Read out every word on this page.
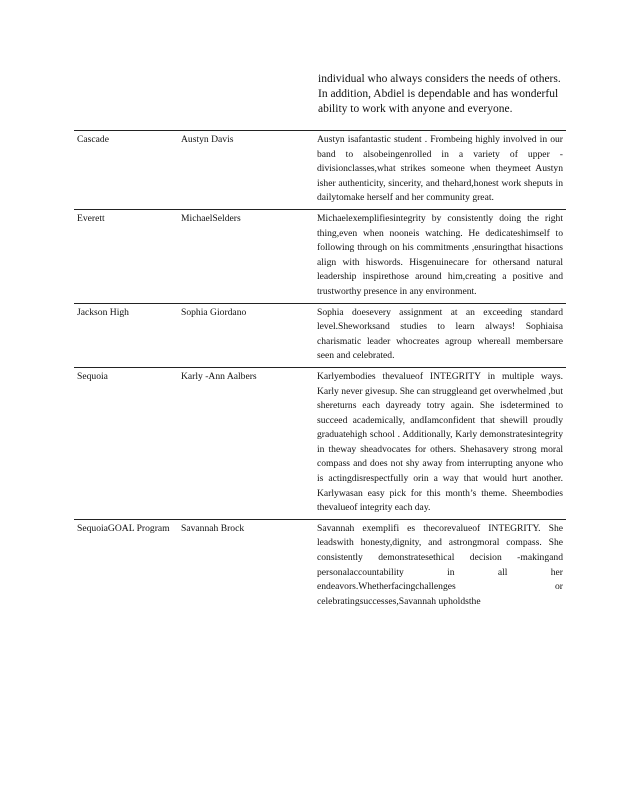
individual who always considers the needs of others. In addition, Abdiel is dependable and has wonderful ability to work with anyone and everyone.
Cascade	Austyn Davis	Austyn isafantastic student . Frombeing highly involved in our band to alsobeingenrolled in a variety of upper -divisionclasses,what strikes someone when theymeet Austyn isher authenticity, sincerity, and thehard,honest work sheputs in dailytomake herself and her community great.
Everett	MichaelSelders	Michaelexemplifiesintegrity by consistently doing the right thing,even when nooneis watching. He dedicateshimself to following through on his commitments ,ensuringthat hisactions align with hiswords. Hisgenuinecare for othersand natural leadership inspirethose around him,creating a positive and trustworthy presence in any environment.
Jackson High	Sophia Giordano	Sophia doesevery assignment at an exceeding standard level.Sheworksand studies to learn always! Sophiaisa charismatic leader whocreates agroup whereall membersare seen and celebrated.
Sequoia	Karly -Ann Aalbers	Karlyembodies thevalueof INTEGRITY in multiple ways. Karly never givesup. She can struggleand get overwhelmed ,but shereturns each dayready totry again. She isdetermined to succeed academically, andIamconfident that shewill proudly graduatehigh school . Additionally, Karly demonstratesintegrity in theway sheadvocates for others. Shehasavery strong moral compass and does not shy away from interrupting anyone who is actingdisrespectfully orin a way that would hurt another. Karlywasan easy pick for this month’s theme. Sheembodies thevalueof integrity each day.
SequoiaGOAL Program	Savannah Brock	Savannah exemplifi es thecorevalueof INTEGRITY. She leadswith honesty,dignity, and astrongmoral compass. She consistently demonstratesethical decision -makingand personalaccountability in all her endeavors.Whetherfacingchallenges or celebratingsuccesses,Savannah upholdsthe
